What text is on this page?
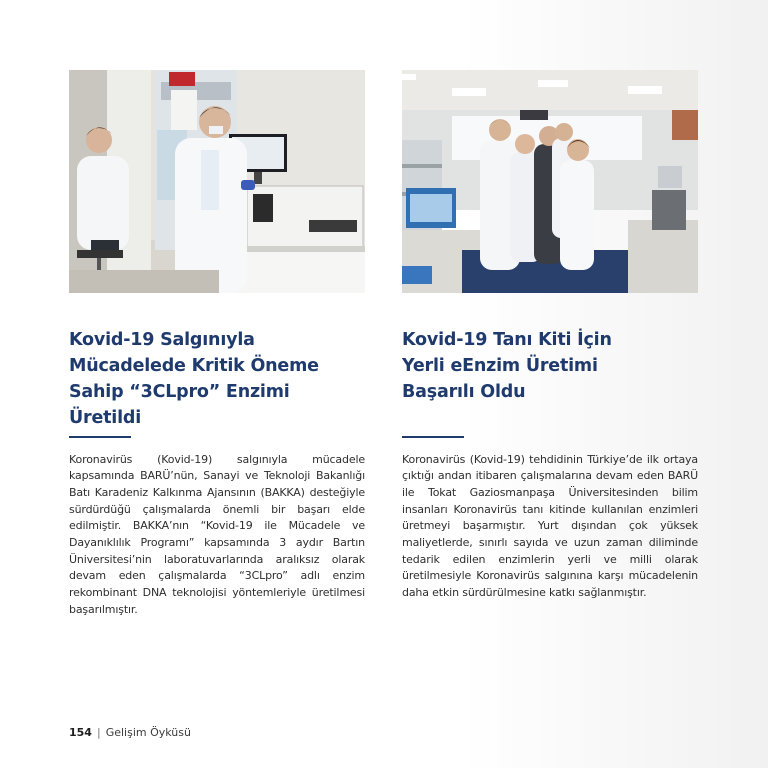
Kovid-19 Salgınıyla
Mücadelede Kritik Öneme
Sahip “3CLpro” Enzimi Üretildi

Koronavirüs (Kovid-19) salgınıyla mücadele kapsamında BARÜ’nün, Sanayi ve Teknoloji Bakanlığı Batı Karadeniz Kalkınma Ajansının (BAKKA) desteğiyle sürdürdüğü çalışmalarda önemli bir başarı elde edilmiştir. BAKKA’nın “Kovid-19 ile Mücadele ve Dayanıklılık Programı” kapsamında 3 aydır Bartın Üniversitesi’nin laboratuvarlarında aralıksız olarak devam eden çalışmalarda “3CLpro” adlı enzim rekombinant DNA teknolojisi yöntemleriyle üretilmesi başarılmıştır.

Kovid-19 Tanı Kiti İçin
Yerli eEnzim Üretimi
Başarılı Oldu

Koronavirüs (Kovid-19) tehdidinin Türkiye’de ilk ortaya çıktığı andan itibaren çalışmalarına devam eden BARÜ ile Tokat Gaziosmanpaşa Üniversitesinden bilim insanları Koronavirüs tanı kitinde kullanılan enzimleri üretmeyi başarmıştır. Yurt dışından çok yüksek maliyetlerde, sınırlı sayıda ve uzun zaman diliminde tedarik edilen enzimlerin yerli ve milli olarak üretilmesiyle Koronavirüs salgınına karşı mücadelenin daha etkin sürdürülmesine katkı sağlanmıştır.

154 | Gelişim Öyküsü
